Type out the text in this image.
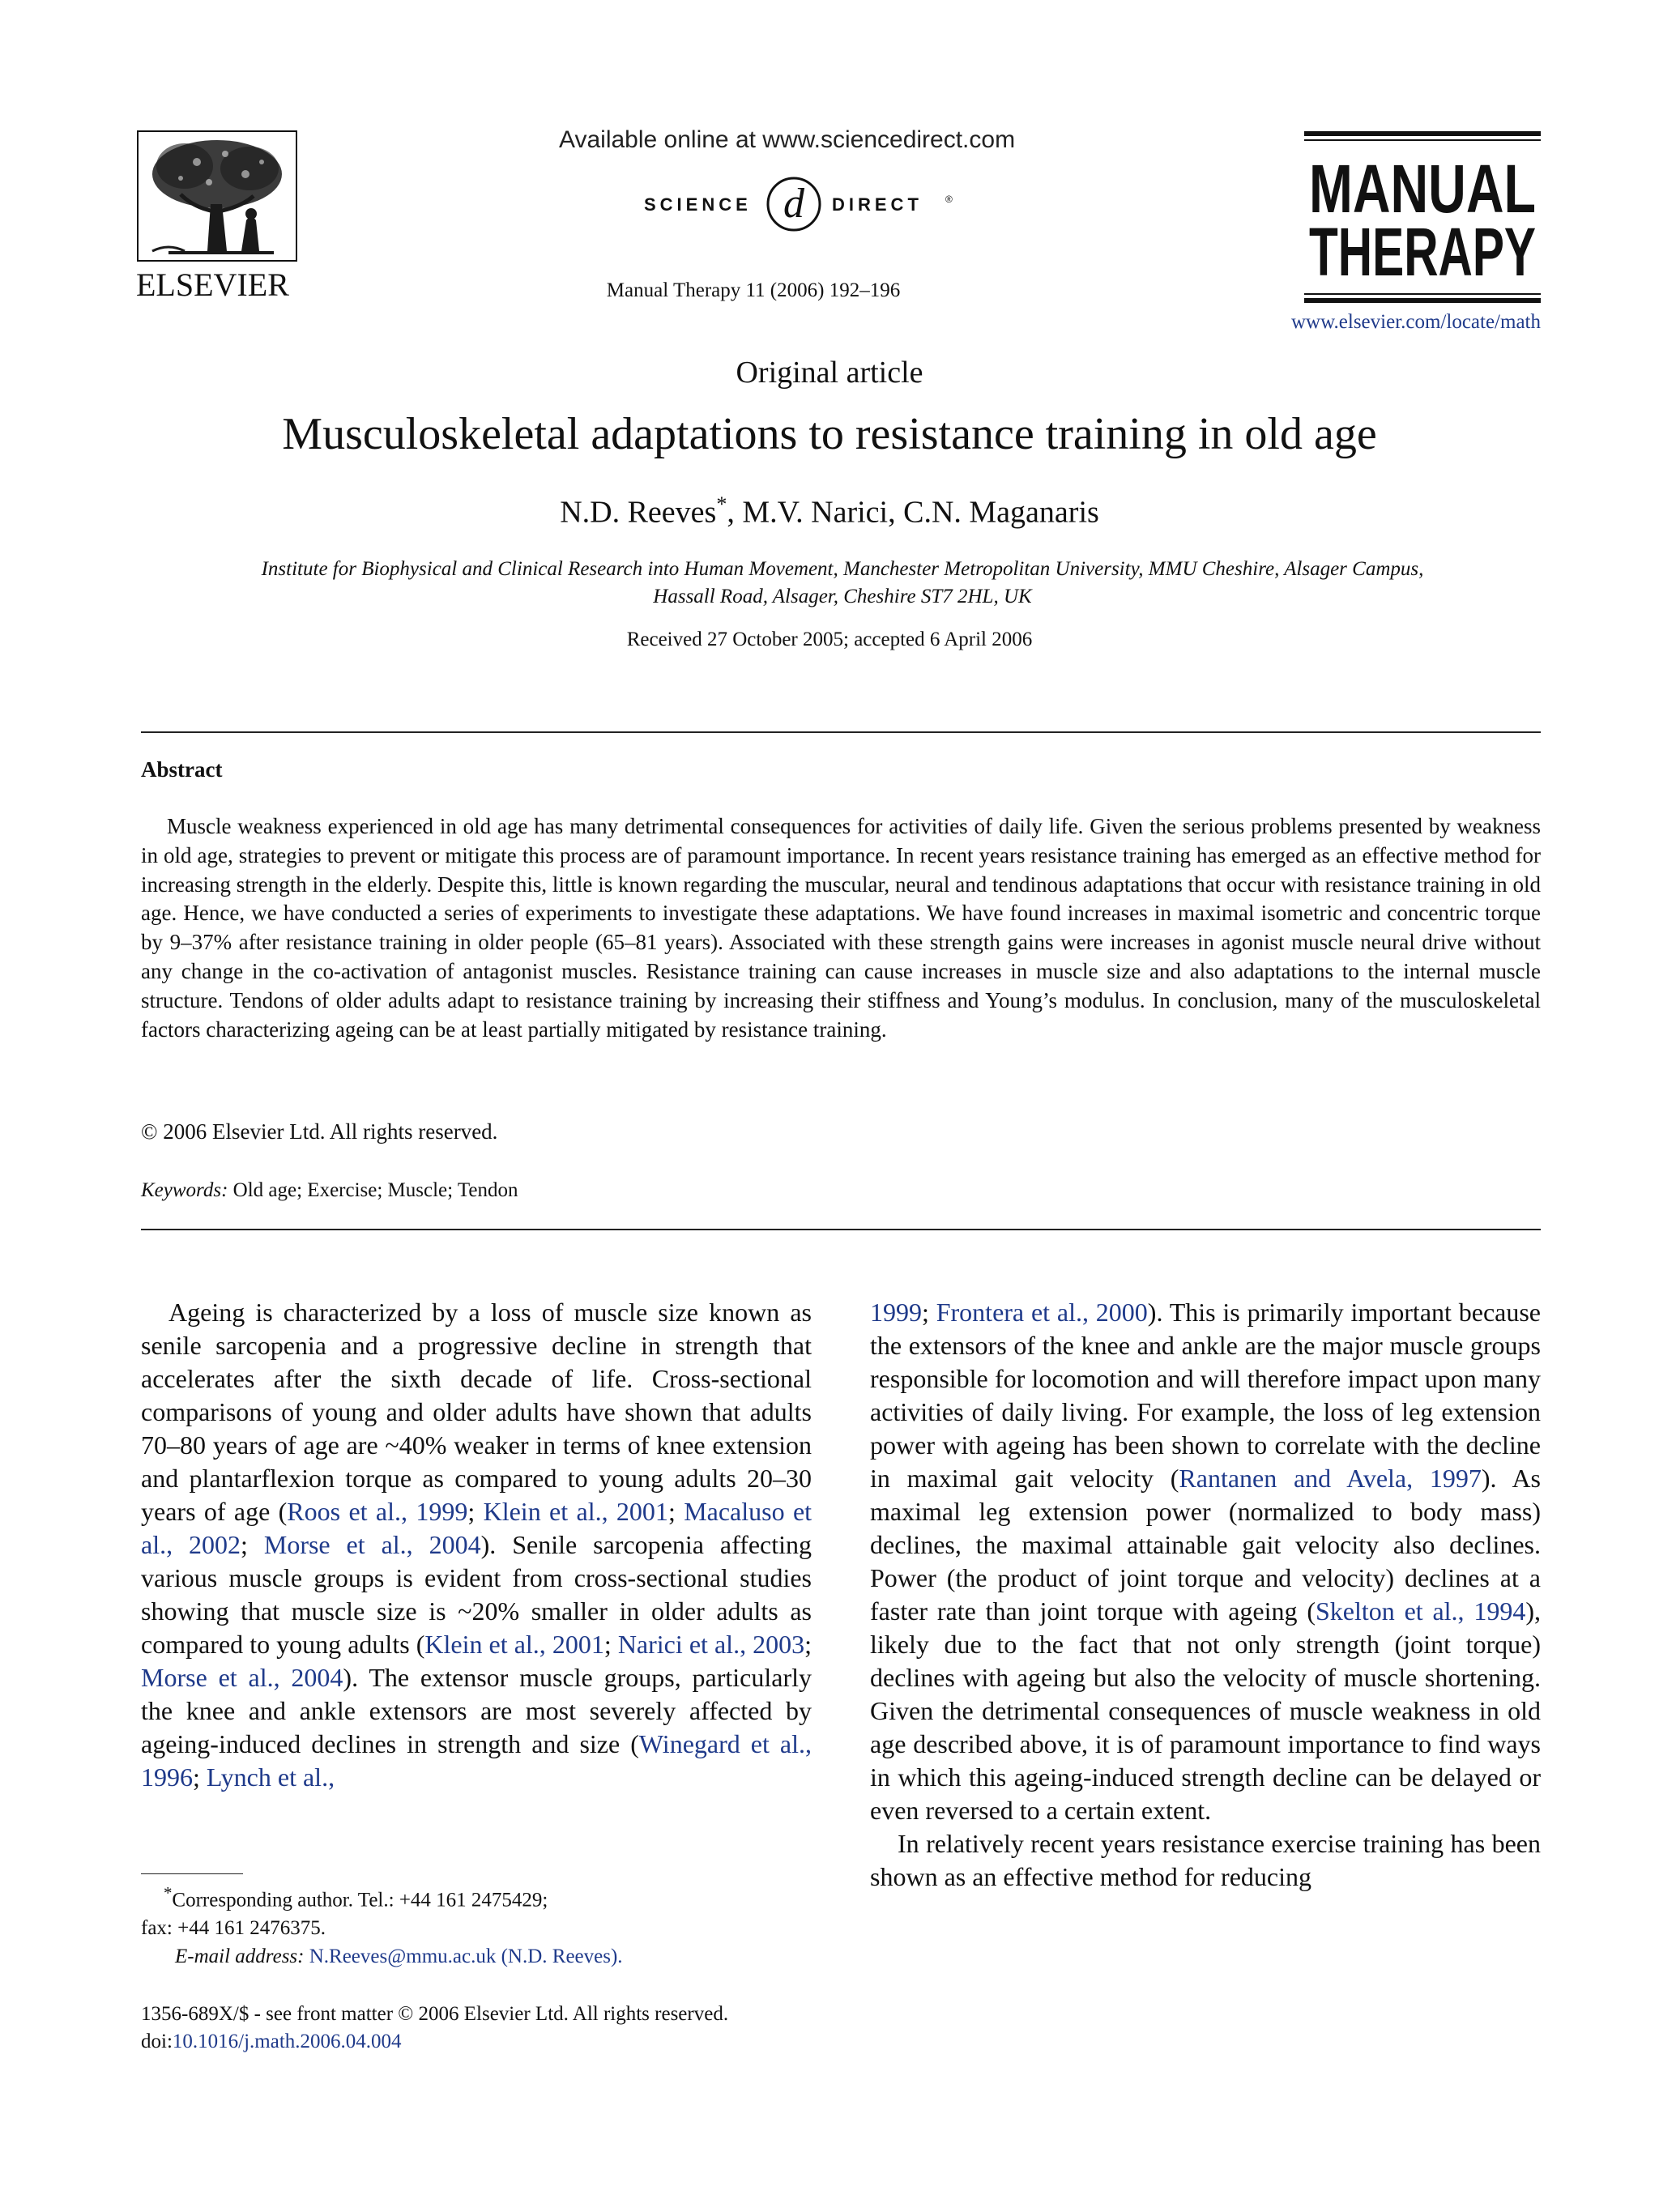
ELSEVIER
Available online at www.sciencedirect.com
SCIENCE d DIRECT ®
Manual Therapy 11 (2006) 192–196
MANUAL
THERAPY
www.elsevier.com/locate/math
Original article
Musculoskeletal adaptations to resistance training in old age
N.D. Reeves*, M.V. Narici, C.N. Maganaris
Institute for Biophysical and Clinical Research into Human Movement, Manchester Metropolitan University, MMU Cheshire, Alsager Campus,
Hassall Road, Alsager, Cheshire ST7 2HL, UK
Received 27 October 2005; accepted 6 April 2006
Abstract
Muscle weakness experienced in old age has many detrimental consequences for activities of daily life. Given the serious problems presented by weakness in old age, strategies to prevent or mitigate this process are of paramount importance. In recent years resistance training has emerged as an effective method for increasing strength in the elderly. Despite this, little is known regarding the muscular, neural and tendinous adaptations that occur with resistance training in old age. Hence, we have conducted a series of experiments to investigate these adaptations. We have found increases in maximal isometric and concentric torque by 9–37% after resistance training in older people (65–81 years). Associated with these strength gains were increases in agonist muscle neural drive without any change in the co-activation of antagonist muscles. Resistance training can cause increases in muscle size and also adaptations to the internal muscle structure. Tendons of older adults adapt to resistance training by increasing their stiffness and Young’s modulus. In conclusion, many of the musculoskeletal factors characterizing ageing can be at least partially mitigated by resistance training.
© 2006 Elsevier Ltd. All rights reserved.
Keywords: Old age; Exercise; Muscle; Tendon

Ageing is characterized by a loss of muscle size known as senile sarcopenia and a progressive decline in strength that accelerates after the sixth decade of life. Cross-sectional comparisons of young and older adults have shown that adults 70–80 years of age are ~40% weaker in terms of knee extension and plantarflexion torque as compared to young adults 20–30 years of age (Roos et al., 1999; Klein et al., 2001; Macaluso et al., 2002; Morse et al., 2004). Senile sarcopenia affecting various muscle groups is evident from cross-sectional studies showing that muscle size is ~20% smaller in older adults as compared to young adults (Klein et al., 2001; Narici et al., 2003; Morse et al., 2004). The extensor muscle groups, particularly the knee and ankle extensors are most severely affected by ageing-induced declines in strength and size (Winegard et al., 1996; Lynch et al.,

1999; Frontera et al., 2000). This is primarily important because the extensors of the knee and ankle are the major muscle groups responsible for locomotion and will therefore impact upon many activities of daily living. For example, the loss of leg extension power with ageing has been shown to correlate with the decline in maximal gait velocity (Rantanen and Avela, 1997). As maximal leg extension power (normalized to body mass) declines, the maximal attainable gait velocity also declines. Power (the product of joint torque and velocity) declines at a faster rate than joint torque with ageing (Skelton et al., 1994), likely due to the fact that not only strength (joint torque) declines with ageing but also the velocity of muscle shortening. Given the detrimental consequences of muscle weakness in old age described above, it is of paramount importance to find ways in which this ageing-induced strength decline can be delayed or even reversed to a certain extent.

In relatively recent years resistance exercise training has been shown as an effective method for reducing

*Corresponding author. Tel.: +44 161 2475429;
fax: +44 161 2476375.
E-mail address: N.Reeves@mmu.ac.uk (N.D. Reeves).
1356-689X/$ - see front matter © 2006 Elsevier Ltd. All rights reserved.
doi:10.1016/j.math.2006.04.004
